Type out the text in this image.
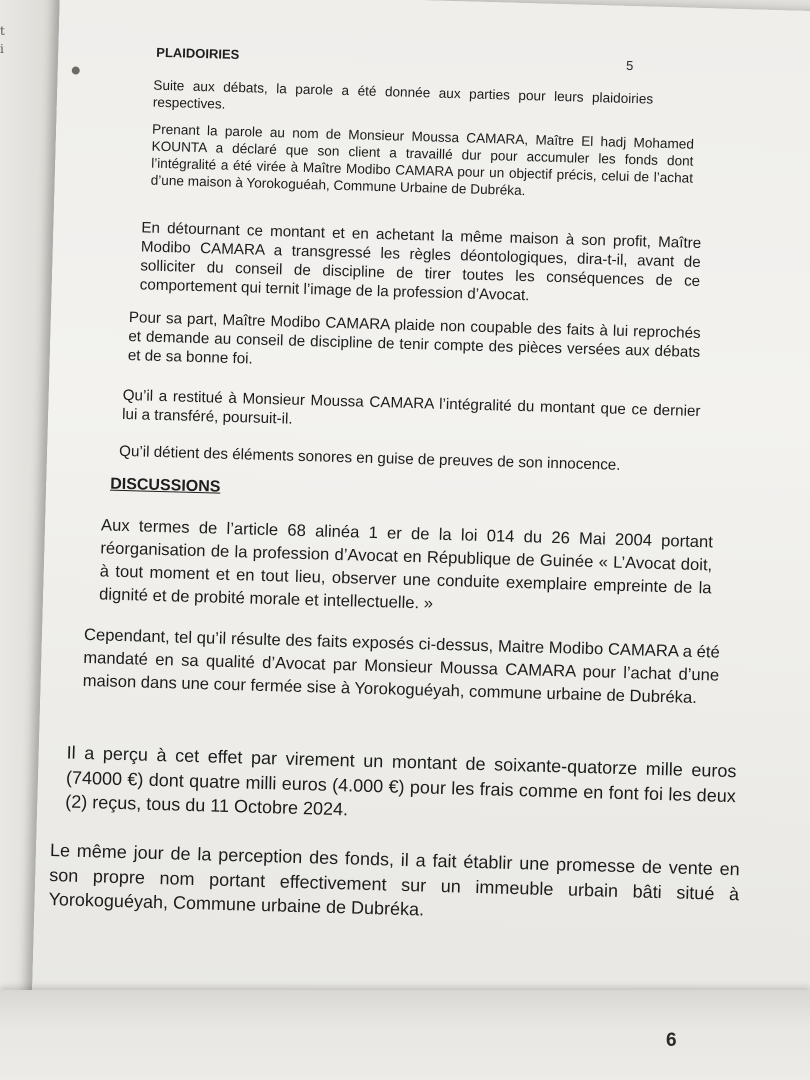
t
i	PLAIDOIRIES
5

Suite aux débats, la parole a été donnée aux parties pour leurs plaidoiries respectives.

Prenant la parole au nom de Monsieur Moussa CAMARA, Maître El hadj Mohamed KOUNTA a déclaré que son client a travaillé dur pour accumuler les fonds dont l’intégralité a été virée à Maître Modibo CAMARA pour un objectif précis, celui de l’achat d’une maison à Yorokoguéah, Commune Urbaine de Dubréka.

En détournant ce montant et en achetant la même maison à son profit, Maître Modibo CAMARA a transgressé les règles déontologiques, dira-t-il, avant de solliciter du conseil de discipline de tirer toutes les conséquences de ce comportement qui ternit l’image de la profession d’Avocat.

Pour sa part, Maître Modibo CAMARA plaide non coupable des faits à lui reprochés et demande au conseil de discipline de tenir compte des pièces versées aux débats et de sa bonne foi.

Qu’il a restitué à Monsieur Moussa CAMARA l’intégralité du montant que ce dernier lui a transféré, poursuit-il.

Qu’il détient des éléments sonores en guise de preuves de son innocence.

DISCUSSIONS

Aux termes de l’article 68 alinéa 1 er de la loi 014 du 26 Mai 2004 portant réorganisation de la profession d’Avocat en République de Guinée « L’Avocat doit, à tout moment et en tout lieu, observer une conduite exemplaire empreinte de la dignité et de probité morale et intellectuelle. »

Cependant, tel qu’il résulte des faits exposés ci-dessus, Maitre Modibo CAMARA a été mandaté en sa qualité d’Avocat par Monsieur Moussa CAMARA pour l’achat d’une maison dans une cour fermée sise à Yorokoguéyah, commune urbaine de Dubréka.

Il a perçu à cet effet par virement un montant de soixante-quatorze mille euros (74000 €) dont quatre milli euros (4.000 €) pour les frais comme en font foi les deux (2) reçus, tous du 11 Octobre 2024.

Le même jour de la perception des fonds, il a fait établir une promesse de vente en son propre nom portant effectivement sur un immeuble urbain bâti situé à Yorokoguéyah, Commune urbaine de Dubréka.

6
